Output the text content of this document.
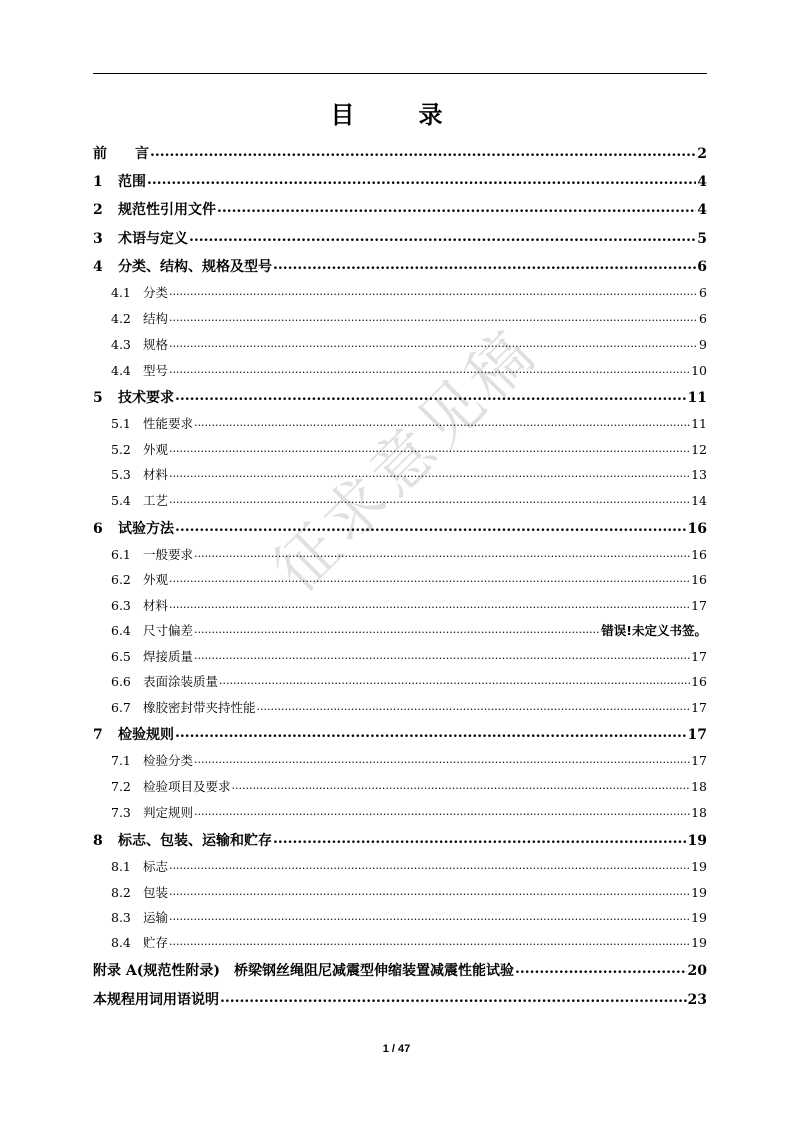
目　录
征求意见稿
前　　言 .....	2
1	范围 .....	4
2	规范性引用文件 .....	4
3	术语与定义 .....	5
4	分类、结构、规格及型号 .....	6
4.1 分类 .....	6
4.2 结构 .....	6
4.3 规格 .....	9
4.4 型号 .....	10
5	技术要求 .....	11
5.1 性能要求 .....	11
5.2 外观 .....	12
5.3 材料 .....	13
5.4 工艺 .....	14
6	试验方法 .....	16
6.1 一般要求 .....	16
6.2 外观 .....	16
6.3 材料 .....	17
6.4 尺寸偏差 .....	错误!未定义书签。
6.5 焊接质量 .....	17
6.6 表面涂装质量 .....	16
6.7 橡胶密封带夹持性能 .....	17
7	检验规则 .....	17
7.1 检验分类 .....	17
7.2 检验项目及要求 .....	18
7.3 判定规则 .....	18
8	标志、包装、运输和贮存 .....	19
8.1 标志 .....	19
8.2 包装 .....	19
8.3 运输 .....	19
8.4 贮存 .....	19
附录 A(规范性附录)　桥梁钢丝绳阻尼减震型伸缩装置减震性能试验 .....	20
本规程用词用语说明 .....	23
1 / 47
